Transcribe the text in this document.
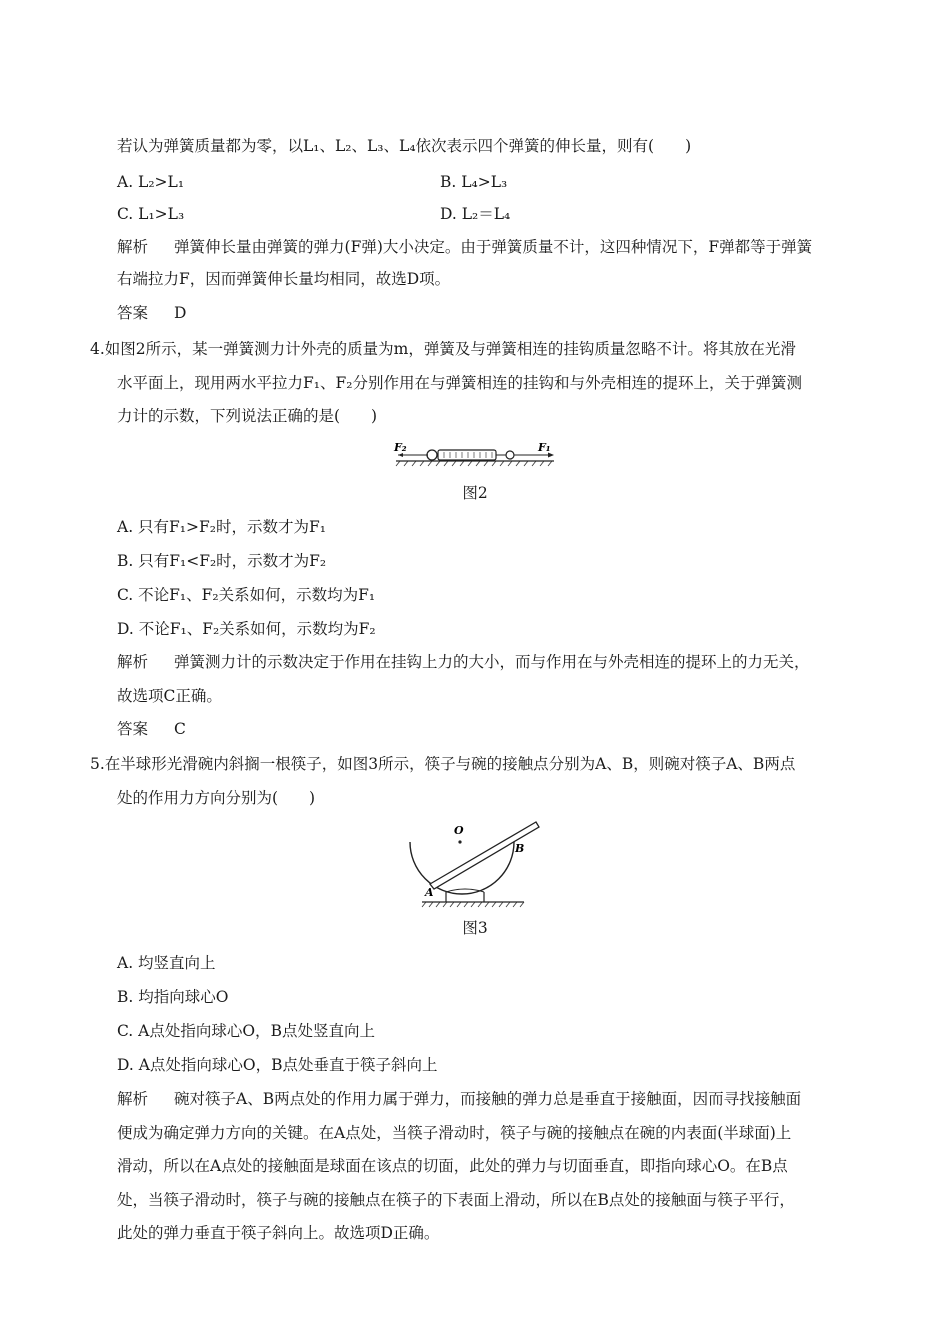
若认为弹簧质量都为零，以L₁、L₂、L₃、L₄依次表示四个弹簧的伸长量，则有(　　)
A. L₂>L₁	B. L₄>L₃
C. L₁>L₃	D. L₂＝L₄
解析 弹簧伸长量由弹簧的弹力(F弹)大小决定。由于弹簧质量不计，这四种情况下，F弹都等于弹簧
右端拉力F，因而弹簧伸长量均相同，故选D项。
答案 D
4.如图2所示，某一弹簧测力计外壳的质量为m，弹簧及与弹簧相连的挂钩质量忽略不计。将其放在光滑
水平面上，现用两水平拉力F₁、F₂分别作用在与弹簧相连的挂钩和与外壳相连的提环上，关于弹簧测
力计的示数，下列说法正确的是(　　)
F₂	F₁
图2
A. 只有F₁>F₂时，示数才为F₁
B. 只有F₁<F₂时，示数才为F₂
C. 不论F₁、F₂关系如何，示数均为F₁
D. 不论F₁、F₂关系如何，示数均为F₂
解析 弹簧测力计的示数决定于作用在挂钩上力的大小，而与作用在与外壳相连的提环上的力无关，
故选项C正确。
答案 C
5.在半球形光滑碗内斜搁一根筷子，如图3所示，筷子与碗的接触点分别为A、B，则碗对筷子A、B两点
处的作用力方向分别为(　　)
O
A
B
图3
A. 均竖直向上
B. 均指向球心O
C. A点处指向球心O，B点处竖直向上
D. A点处指向球心O，B点处垂直于筷子斜向上
解析 碗对筷子A、B两点处的作用力属于弹力，而接触的弹力总是垂直于接触面，因而寻找接触面
便成为确定弹力方向的关键。在A点处，当筷子滑动时，筷子与碗的接触点在碗的内表面(半球面)上
滑动，所以在A点处的接触面是球面在该点的切面，此处的弹力与切面垂直，即指向球心O。在B点
处，当筷子滑动时，筷子与碗的接触点在筷子的下表面上滑动，所以在B点处的接触面与筷子平行，
此处的弹力垂直于筷子斜向上。故选项D正确。
